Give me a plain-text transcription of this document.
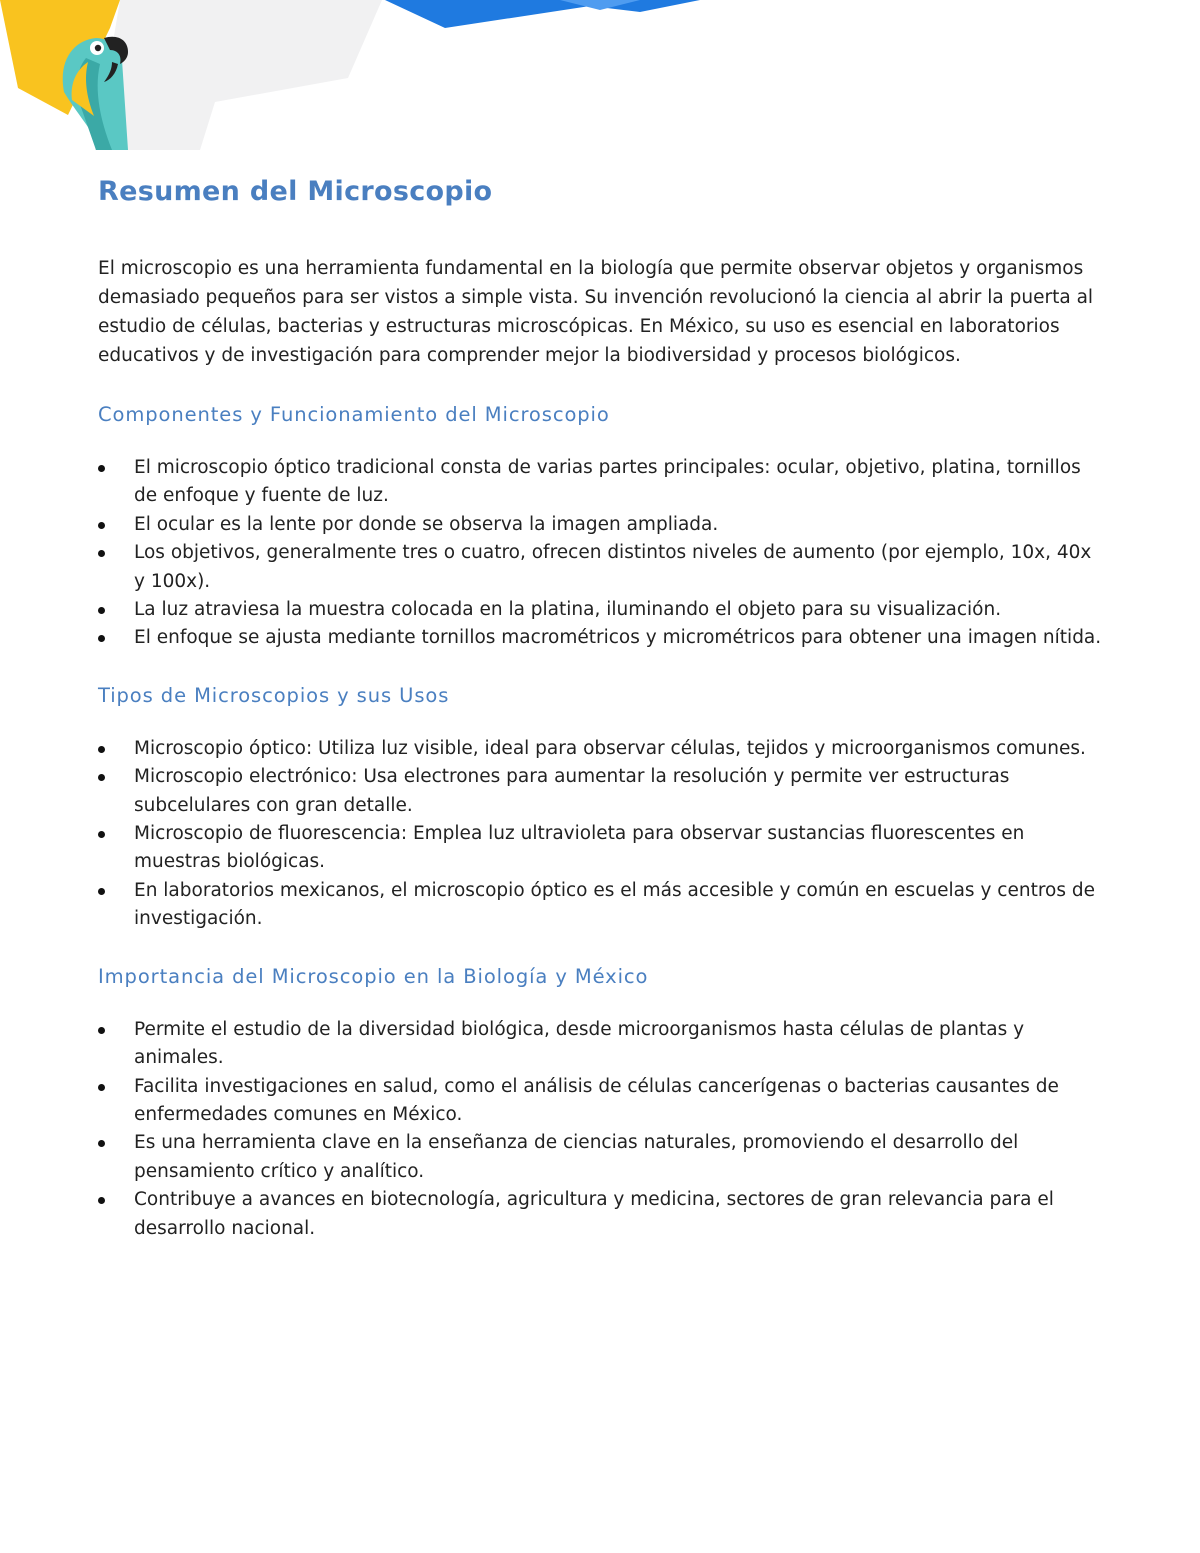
Resumen del Microscopio

El microscopio es una herramienta fundamental en la biología que permite observar objetos y organismos demasiado pequeños para ser vistos a simple vista. Su invención revolucionó la ciencia al abrir la puerta al estudio de células, bacterias y estructuras microscópicas. En México, su uso es esencial en laboratorios educativos y de investigación para comprender mejor la biodiversidad y procesos biológicos.

Componentes y Funcionamiento del Microscopio
El microscopio óptico tradicional consta de varias partes principales: ocular, objetivo, platina, tornillos de enfoque y fuente de luz.
El ocular es la lente por donde se observa la imagen ampliada.
Los objetivos, generalmente tres o cuatro, ofrecen distintos niveles de aumento (por ejemplo, 10x, 40x y 100x).
La luz atraviesa la muestra colocada en la platina, iluminando el objeto para su visualización.
El enfoque se ajusta mediante tornillos macrométricos y micrométricos para obtener una imagen nítida.
Tipos de Microscopios y sus Usos
Microscopio óptico: Utiliza luz visible, ideal para observar células, tejidos y microorganismos comunes.
Microscopio electrónico: Usa electrones para aumentar la resolución y permite ver estructuras subcelulares con gran detalle.
Microscopio de fluorescencia: Emplea luz ultravioleta para observar sustancias fluorescentes en muestras biológicas.
En laboratorios mexicanos, el microscopio óptico es el más accesible y común en escuelas y centros de investigación.
Importancia del Microscopio en la Biología y México
Permite el estudio de la diversidad biológica, desde microorganismos hasta células de plantas y animales.
Facilita investigaciones en salud, como el análisis de células cancerígenas o bacterias causantes de enfermedades comunes en México.
Es una herramienta clave en la enseñanza de ciencias naturales, promoviendo el desarrollo del pensamiento crítico y analítico.
Contribuye a avances en biotecnología, agricultura y medicina, sectores de gran relevancia para el desarrollo nacional.
